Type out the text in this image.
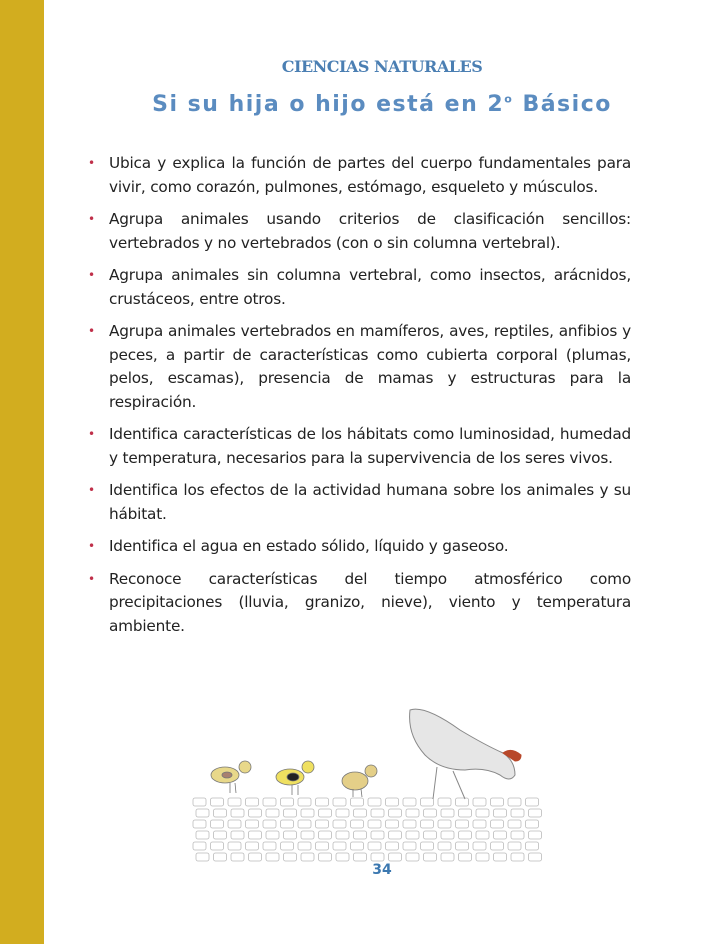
CIENCIAS NATURALES
Si su hija o hijo está en 2$^o$ Básico
• Ubica y explica la función de partes del cuerpo fundamentales para vivir, como corazón, pulmones, estómago, esqueleto y músculos.
• Agrupa animales usando criterios de clasificación sencillos: vertebrados y no vertebrados (con o sin columna vertebral).
• Agrupa animales sin columna vertebral, como insectos, arácnidos, crustáceos, entre otros.
• Agrupa animales vertebrados en mamíferos, aves, reptiles, anfibios y peces, a partir de características como cubierta corporal (plumas, pelos, escamas), presencia de mamas y estructuras para la respiración.
• Identifica características de los hábitats como luminosidad, humedad y temperatura, necesarios para la supervivencia de los seres vivos.
• Identifica los efectos de la actividad humana sobre los animales y su hábitat.
• Identifica el agua en estado sólido, líquido y gaseoso.
• Reconoce características del tiempo atmosférico como precipitaciones (lluvia, granizo, nieve), viento y temperatura ambiente.
34
